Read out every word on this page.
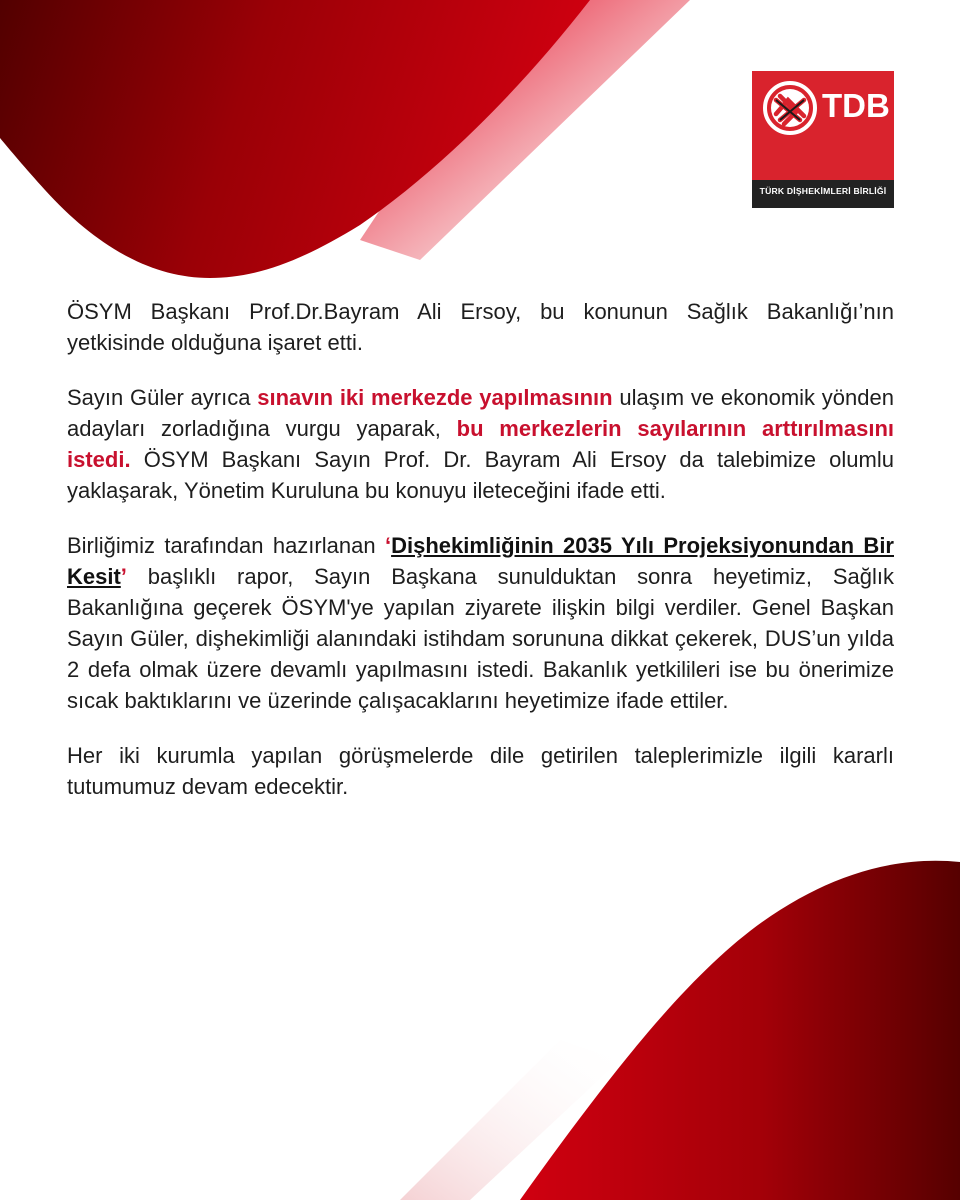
TDB
TÜRK DİŞHEKİMLERİ BİRLİĞİ

ÖSYM Başkanı Prof.Dr.Bayram Ali Ersoy, bu konunun Sağlık Bakanlığı’nın yetkisinde olduğuna işaret etti.

Sayın Güler ayrıca sınavın iki merkezde yapılmasının ulaşım ve ekonomik yönden adayları zorladığına vurgu yaparak, bu merkezlerin sayılarının arttırılmasını istedi. ÖSYM Başkanı Sayın Prof. Dr. Bayram Ali Ersoy da talebimize olumlu yaklaşarak, Yönetim Kuruluna bu konuyu ileteceğini ifade etti.

Birliğimiz tarafından hazırlanan ‘Dişhekimliğinin 2035 Yılı Projeksiyonundan Bir Kesit’ başlıklı rapor, Sayın Başkana sunulduktan sonra heyetimiz, Sağlık Bakanlığına geçerek ÖSYM'ye yapılan ziyarete ilişkin bilgi verdiler. Genel Başkan Sayın Güler, dişhekimliği alanındaki istihdam sorununa dikkat çekerek, DUS’un yılda 2 defa olmak üzere devamlı yapılmasını istedi. Bakanlık yetkilileri ise bu önerimize sıcak baktıklarını ve üzerinde çalışacaklarını heyetimize ifade ettiler.

Her iki kurumla yapılan görüşmelerde dile getirilen taleplerimizle ilgili kararlı tutumumuz devam edecektir.
